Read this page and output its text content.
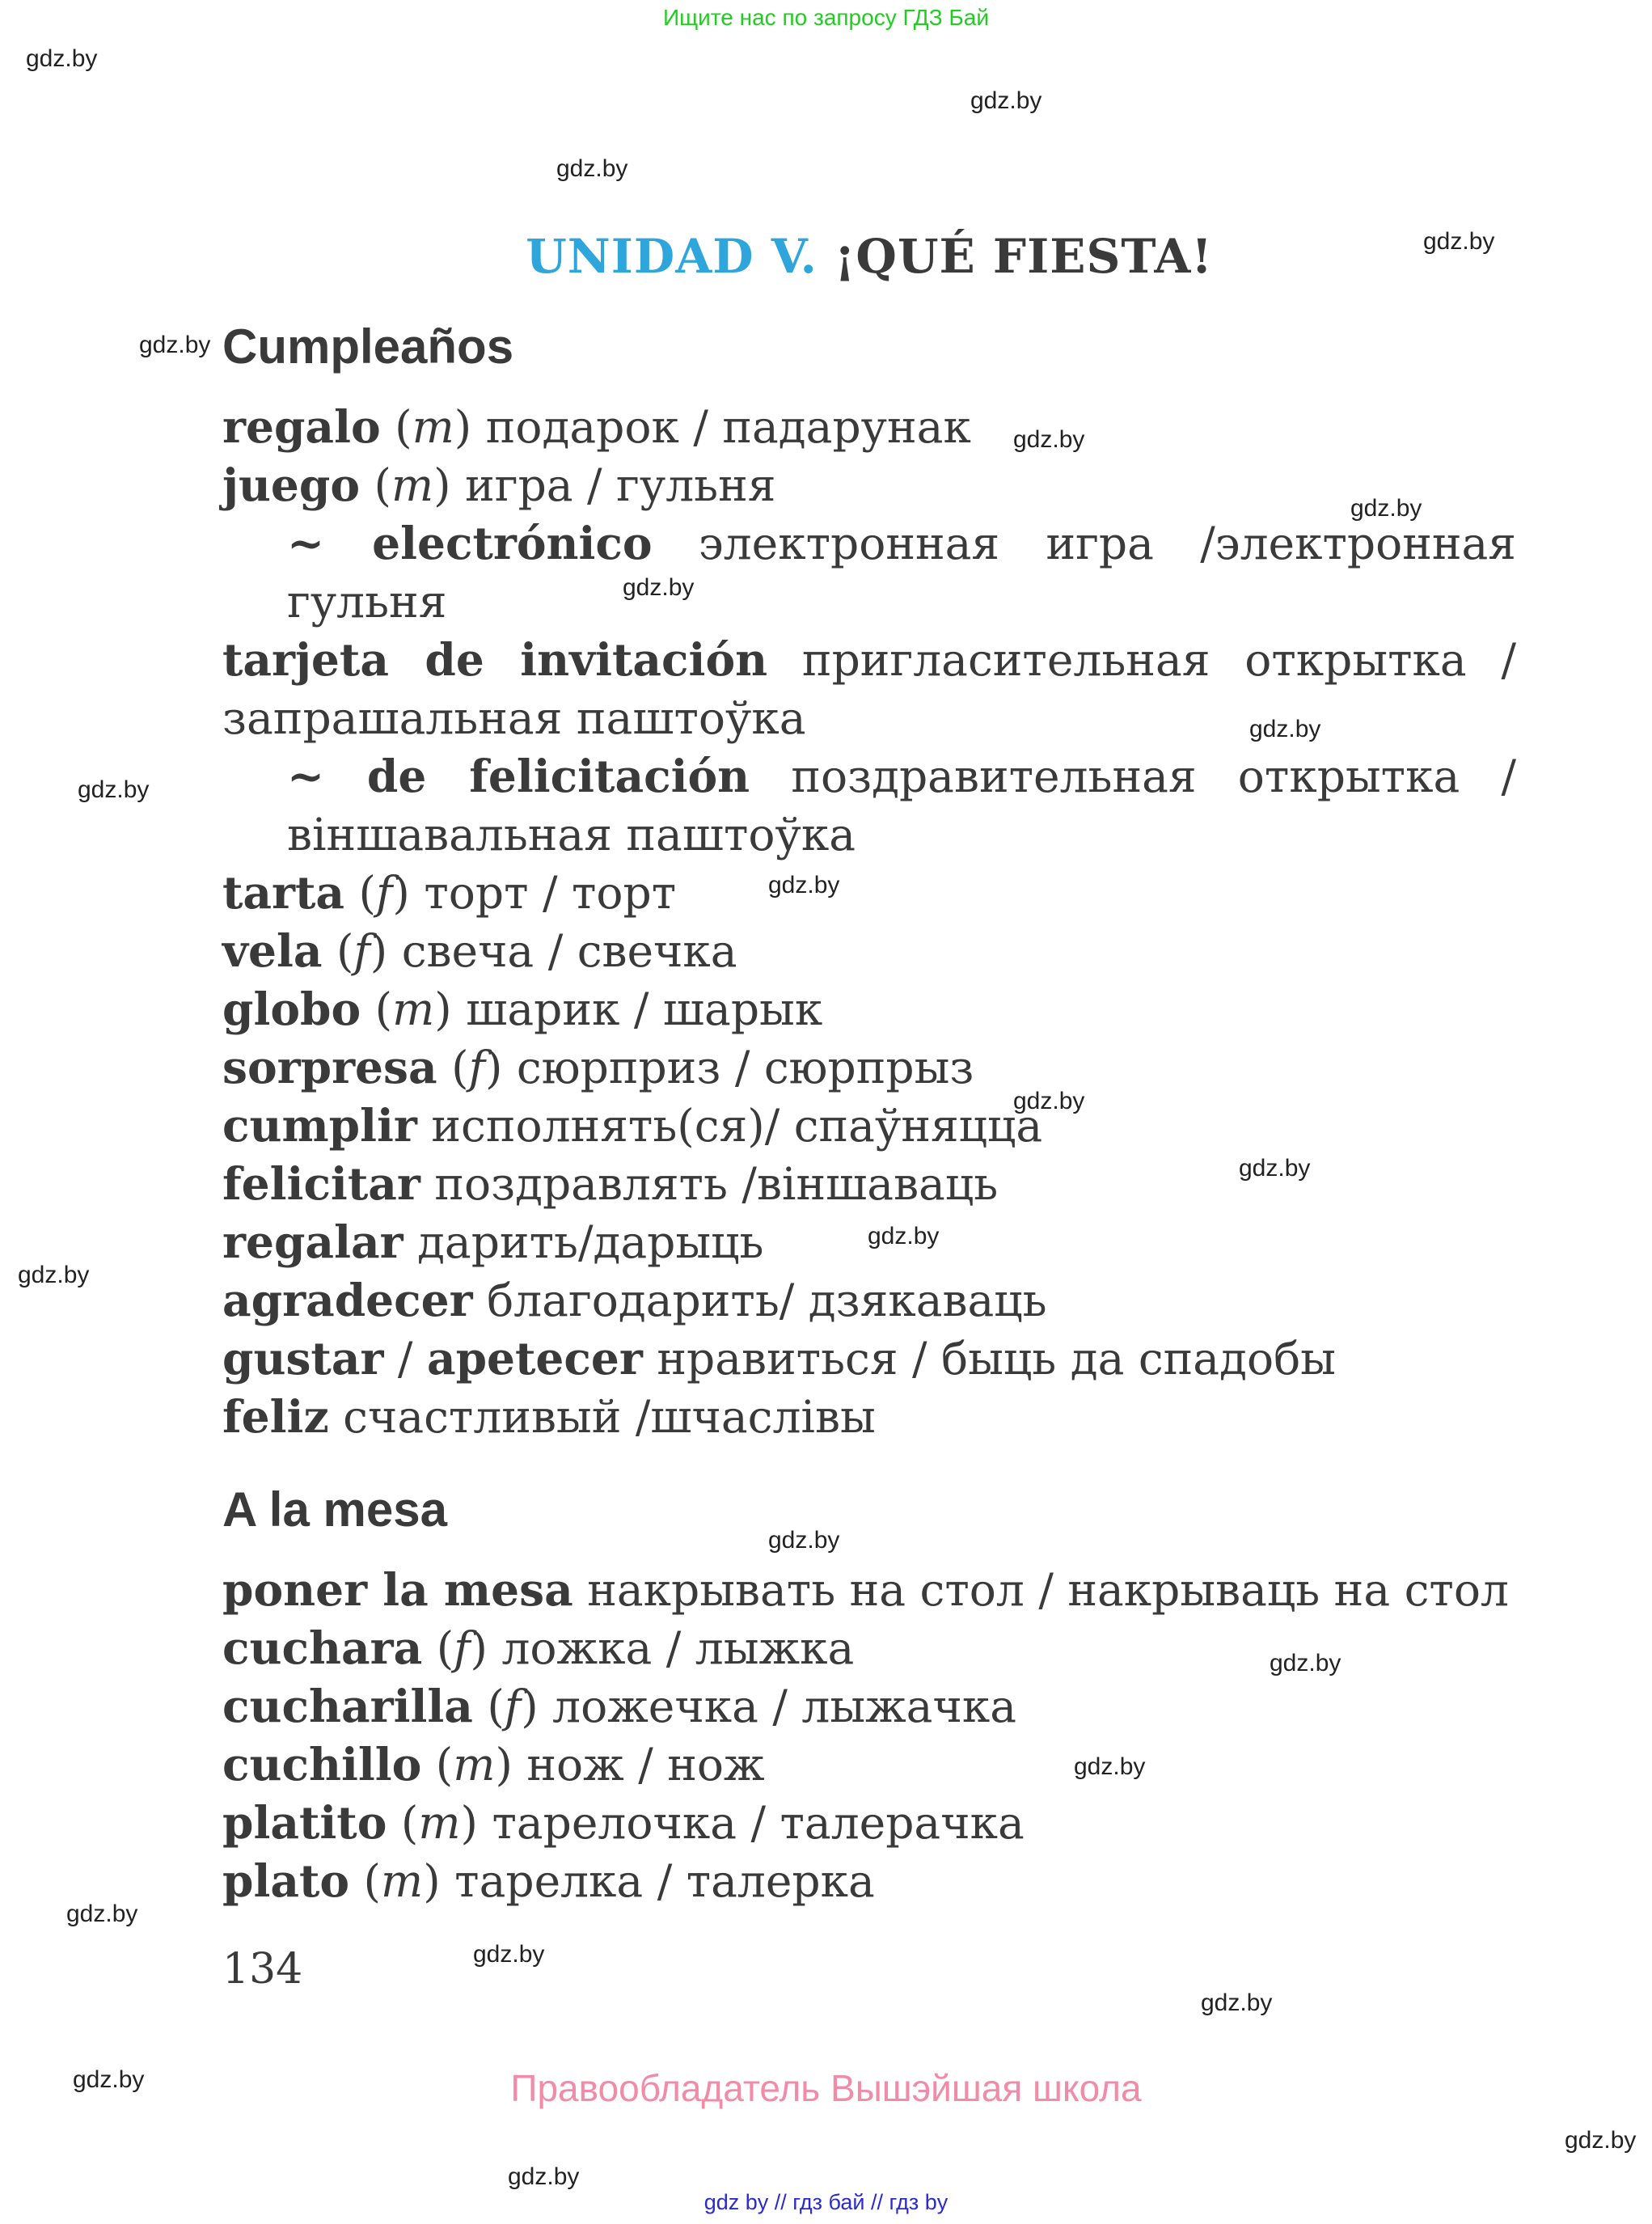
Ищите нас по запросу ГДЗ Бай
gdz.by
gdz.by
gdz.by
gdz.by
gdz.by
gdz.by
gdz.by
gdz.by
gdz.by
gdz.by
gdz.by
gdz.by
gdz.by
gdz.by
gdz.by
gdz.by
gdz.by
gdz.by
gdz.by
gdz.by
gdz.by
gdz.by
gdz.by
gdz.by
UNIDAD V. ¡QUÉ FIESTA!
Cumpleaños
regalo (m) подарок / падарунак
juego (m) игра / гульня
~ electrónico электронная игра /электронная
гульня
tarjeta de invitación пригласительная открытка /
запрашальная паштоўка
~ de felicitación поздравительная открытка /
віншавальная паштоўка
tarta (f) торт / торт
vela (f) свеча / свечка
globo (m) шарик / шарык
sorpresa (f) сюрприз / сюрпрыз
cumplir исполнять(ся)/ спаўняцца
felicitar поздравлять /віншаваць
regalar дарить/дарыць
agradecer благодарить/ дзякаваць
gustar / apetecer нравиться / быць да спадобы
feliz счастливый /шчаслівы
A la mesa
poner la mesa накрывать на стол / накрываць на стол
cuchara (f) ложка / лыжка
cucharilla (f) ложечка / лыжачка
cuchillo (m) нож / нож
platito (m) тарелочка / талерачка
plato (m) тарелка / талерка
134
Правообладатель Вышэйшая школа
gdz by // гдз бай // гдз by
